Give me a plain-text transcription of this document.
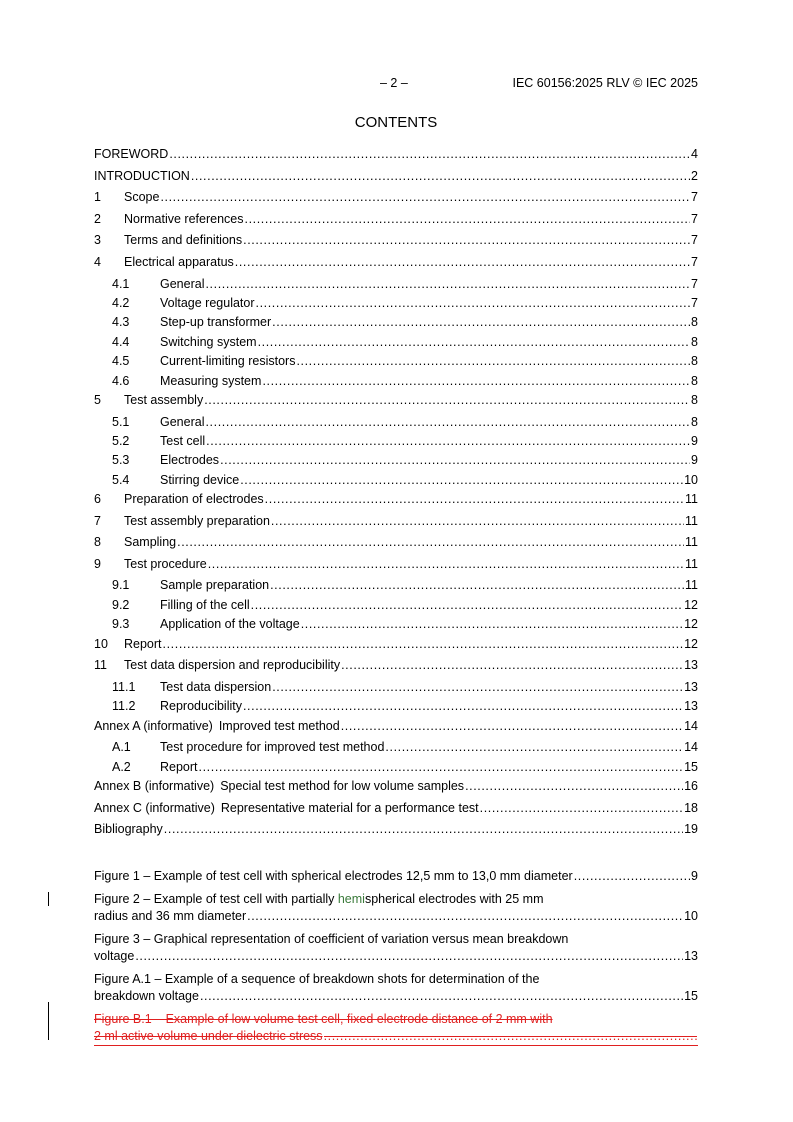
– 2 –	IEC 60156:2025 RLV © IEC 2025
CONTENTS
FOREWORD .....	4
INTRODUCTION .....	2
1	Scope .....	7
2	Normative references .....	7
3	Terms and definitions .....	7
4	Electrical apparatus .....	7
4.1	General .....	7
4.2	Voltage regulator .....	7
4.3	Step-up transformer .....	8
4.4	Switching system .....	8
4.5	Current-limiting resistors .....	8
4.6	Measuring system .....	8
5	Test assembly .....	8
5.1	General .....	8
5.2	Test cell .....	9
5.3	Electrodes .....	9
5.4	Stirring device .....	10
6	Preparation of electrodes .....	11
7	Test assembly preparation .....	11
8	Sampling .....	11
9	Test procedure .....	11
9.1	Sample preparation .....	11
9.2	Filling of the cell .....	12
9.3	Application of the voltage .....	12
10	Report .....	12
11	Test data dispersion and reproducibility .....	13
11.1	Test data dispersion .....	13
11.2	Reproducibility .....	13
Annex A (informative) Improved test method .....	14
A.1	Test procedure for improved test method .....	14
A.2	Report .....	15
Annex B (informative) Special test method for low volume samples .....	16
Annex C (informative) Representative material for a performance test .....	18
Bibliography .....	19
Figure 1 – Example of test cell with spherical electrodes 12,5 mm to 13,0 mm diameter .....	9
Figure 2 – Example of test cell with partially hemispherical electrodes with 25 mm
radius and 36 mm diameter .....	10
Figure 3 – Graphical representation of coefficient of variation versus mean breakdown
voltage .....	13
Figure A.1 – Example of a sequence of breakdown shots for determination of the
breakdown voltage .....	15
Figure B.1 – Example of low volume test cell, fixed electrode distance of 2 mm with
2 ml active volume under dielectric stress
.....
